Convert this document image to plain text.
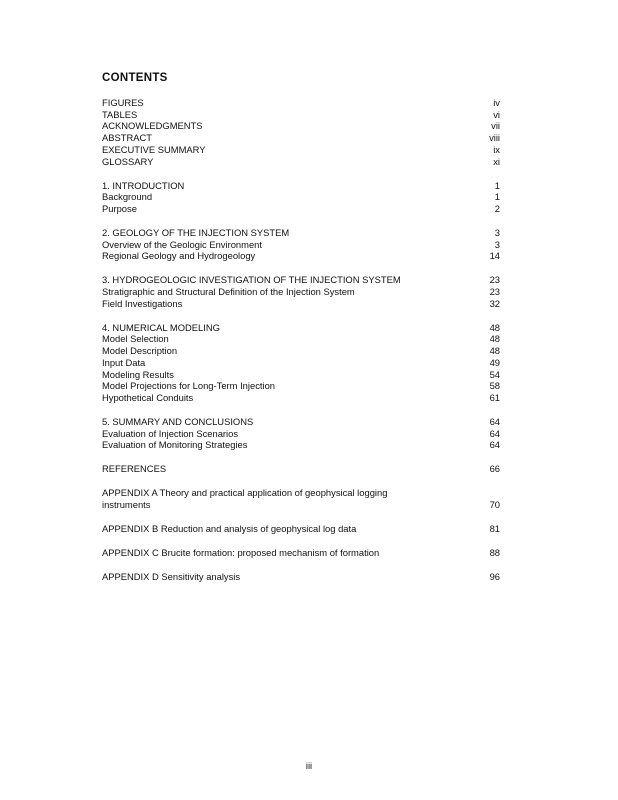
CONTENTS
FIGURES	iv
TABLES	vi
ACKNOWLEDGMENTS	vii
ABSTRACT	viii
EXECUTIVE SUMMARY	ix
GLOSSARY	xi
1. INTRODUCTION	1
Background	1
Purpose	2
2. GEOLOGY OF THE INJECTION SYSTEM	3
Overview of the Geologic Environment	3
Regional Geology and Hydrogeology	14
3. HYDROGEOLOGIC INVESTIGATION OF THE INJECTION SYSTEM	23
Stratigraphic and Structural Definition of the Injection System	23
Field Investigations	32
4. NUMERICAL MODELING	48
Model Selection	48
Model Description	48
Input Data	49
Modeling Results	54
Model Projections for Long-Term Injection	58
Hypothetical Conduits	61
5. SUMMARY AND CONCLUSIONS	64
Evaluation of Injection Scenarios	64
Evaluation of Monitoring Strategies	64
REFERENCES	66
APPENDIX A Theory and practical application of geophysical logging instruments	70
APPENDIX B Reduction and analysis of geophysical log data	81
APPENDIX C Brucite formation: proposed mechanism of formation	88
APPENDIX D Sensitivity analysis	96
iii
